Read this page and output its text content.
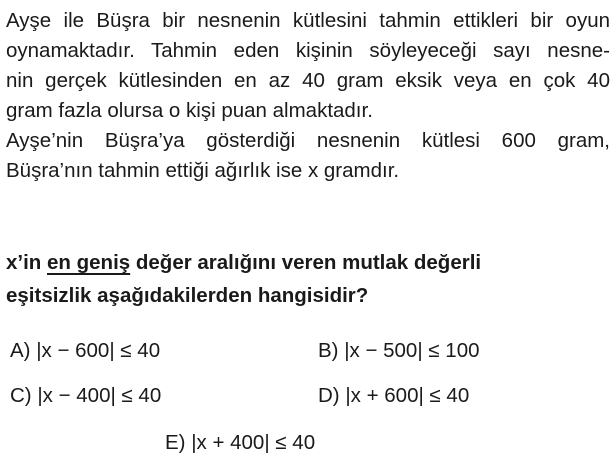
Ayşe ile Büşra bir nesnenin kütlesini tahmin ettikleri bir oyun
oynamaktadır. Tahmin eden kişinin söyleyeceği sayı nesne-
nin gerçek kütlesinden en az 40 gram eksik veya en çok 40
gram fazla olursa o kişi puan almaktadır.
Ayşe’nin Büşra’ya gösterdiği nesnenin kütlesi 600 gram,
Büşra’nın tahmin ettiği ağırlık ise x gramdır.
x’in en geniş değer aralığını veren mutlak değerli
eşitsizlik aşağıdakilerden hangisidir?
A) |x − 600| ≤ 40	B) |x − 500| ≤ 100
C) |x − 400| ≤ 40	D) |x + 600| ≤ 40
E) |x + 400| ≤ 40
